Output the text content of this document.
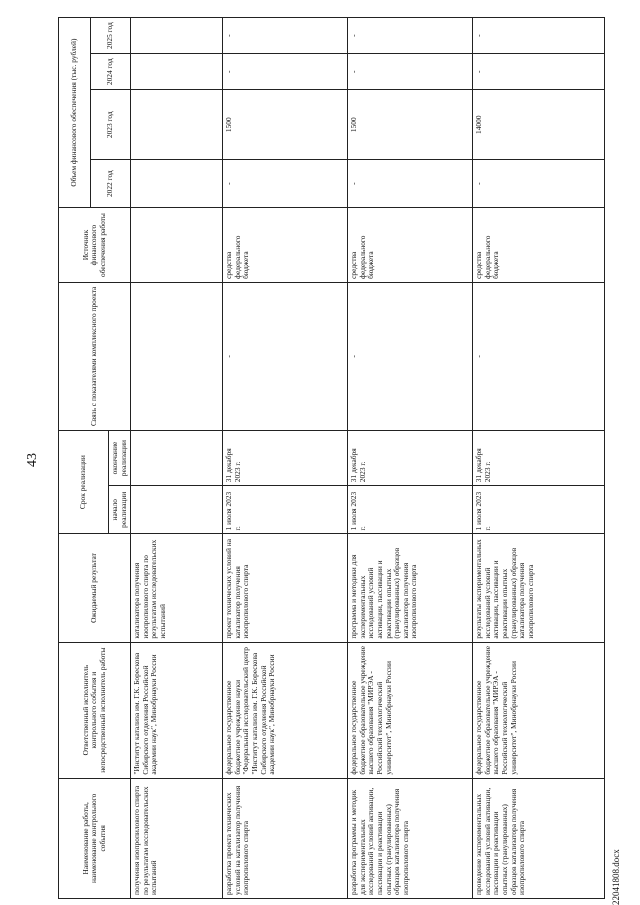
43
Наименование работы, наименование контрольного события	Ответственный исполнитель контрольного события и непосредственный исполнитель работы	Ожидаемый результат	Срок реализации		Связь с показателями комплексного проекта	Источник финансового обеспечения работы	Объем финансового обеспечения (тыс. рублей)			
							2022 год	2023 год	2024 год	2025 год
			начало реализации	окончание реализации						
получения изопропилового спирта по результатам исследовательских испытаний	"Институт катализа им. Г.К. Борескова Сибирского отделения Российской академии наук", Минобрнауки России	катализатора получения изопропилового спирта по результатам исследовательских испытаний								
разработка проекта технических условий на катализатор получения изопропилового спирта	федеральное государственное бюджетное учреждение науки "Федеральный исследовательский центр "Институт катализа им. Г.К. Борескова Сибирского отделения Российской академии наук", Минобрнауки России	проект технических условий на катализатор получения изопропилового спирта	1 июля 2023 г.	31 декабря 2023 г.	-	средства федерального бюджета	-	1500	-	-
разработка программы и методик для экспериментальных исследований условий активации, пассивации и реактивации опытных (гранулированных) образцов катализатора получения изопропилового спирта	федеральное государственное бюджетное образовательное учреждение высшего образования "МИРЭА - Российский технологический университет", Минобрнауки России	программа и методики для экспериментальных исследований условий активации, пассивации и реактивации опытных (гранулированных) образцов катализатора получения изопропилового спирта	1 июля 2023 г.	31 декабря 2023 г.	-	средства федерального бюджета	-	1500	-	-
проведение экспериментальных исследований условий активации, пассивации и реактивации опытных (гранулированных) образцов катализатора получения изопропилового спирта	федеральное государственное бюджетное образовательное учреждение высшего образования "МИРЭА - Российский технологический университет", Минобрнауки России	результаты экспериментальных исследований условий активации, пассивации и реактивации опытных (гранулированных) образцов катализатора получения изопропилового спирта	1 июля 2023 г.	31 декабря 2023 г.	-	средства федерального бюджета	-	14000	-	-
22041808.docx
